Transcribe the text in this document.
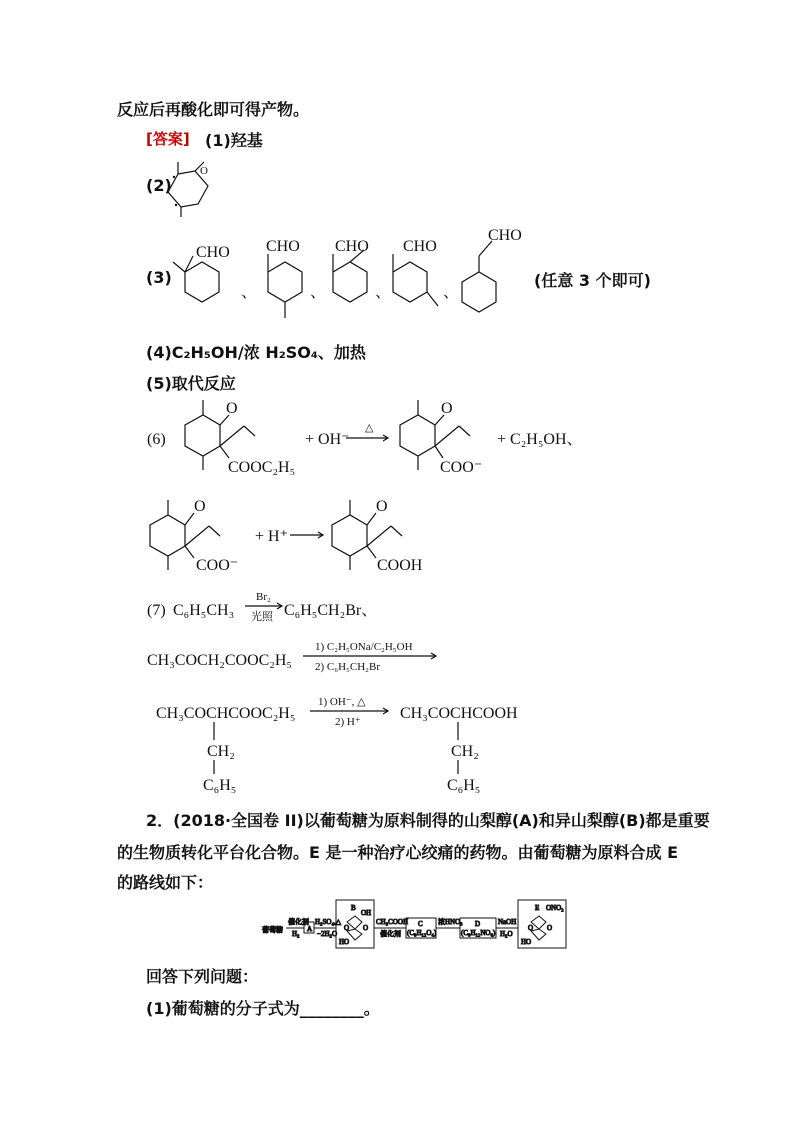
反应后再酸化即可得产物。
[答案] (1)羟基
(2)
O
(3)
CHO CHO CHO CHO
CHO
、	、	、	、
(任意 3 个即可)
(4)C₂H₅OH/浓 H₂SO₄、加热
(5)取代反应
(6)
O
COOC₂H₅
+ OH⁻
△
O
COO⁻
+ C₂H₅OH、
O
COO⁻
+ H⁺
O
COOH
(7) C₆H₅CH₃
Br₂
光照 C₆H₅CH₂Br、
CH₃COCH₂COOC₂H₅
1) C₂H₅ONa/C₂H₅OH
2) C₆H₅CH₂Br
CH₃COCHCOOC₂H₅
1) OH⁻, △
2) H⁺ CH₃COCHCOOH
CH₂
C₆H₅
CH₂
C₆H₅
2．(2018·全国卷 II)以葡萄糖为原料制得的山梨醇(A)和异山梨醇(B)都是重要
的生物质转化平台化合物。E 是一种治疗心绞痛的药物。由葡萄糖为原料合成 E
的路线如下：
葡萄糖
催化剂
H₂
A
H₂SO₄,△
−2H₂O
B
OH
HO
O O
CH₃COOH
催化剂
C
(C₈H₁₂O₄)
浓HNO₃ D
(C₈H₁₁NO₆)
NaOH
H₂O
E ONO₂
HO
O O
回答下列问题：
(1)葡萄糖的分子式为________。
